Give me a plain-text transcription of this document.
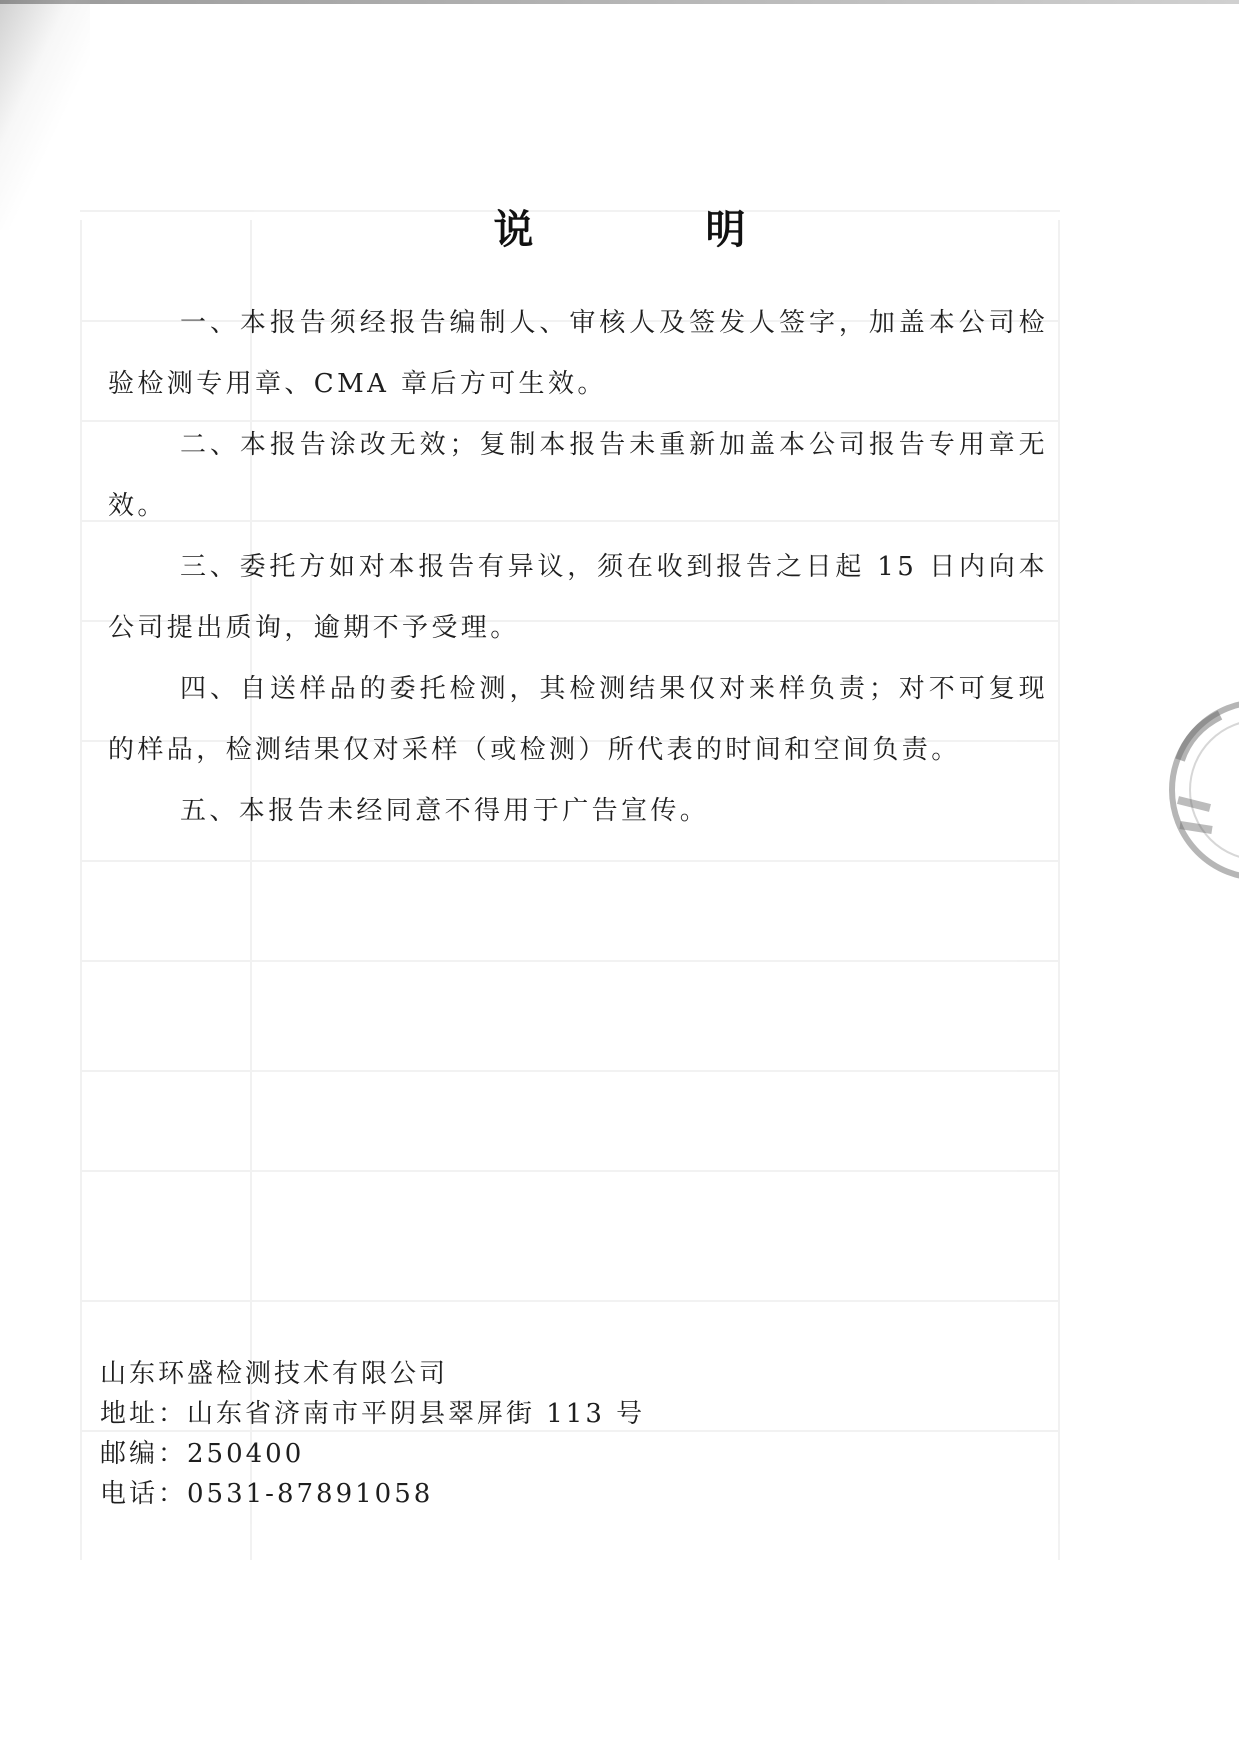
说　明

一、本报告须经报告编制人、审核人及签发人签字，加盖本公司检验检测专用章、CMA 章后方可生效。

二、本报告涂改无效；复制本报告未重新加盖本公司报告专用章无效。

三、委托方如对本报告有异议，须在收到报告之日起 15 日内向本公司提出质询，逾期不予受理。

四、自送样品的委托检测，其检测结果仅对来样负责；对不可复现的样品，检测结果仅对采样（或检测）所代表的时间和空间负责。

五、本报告未经同意不得用于广告宣传。

山东环盛检测技术有限公司
地址：山东省济南市平阴县翠屏街 113 号
邮编：250400
电话：0531-87891058
